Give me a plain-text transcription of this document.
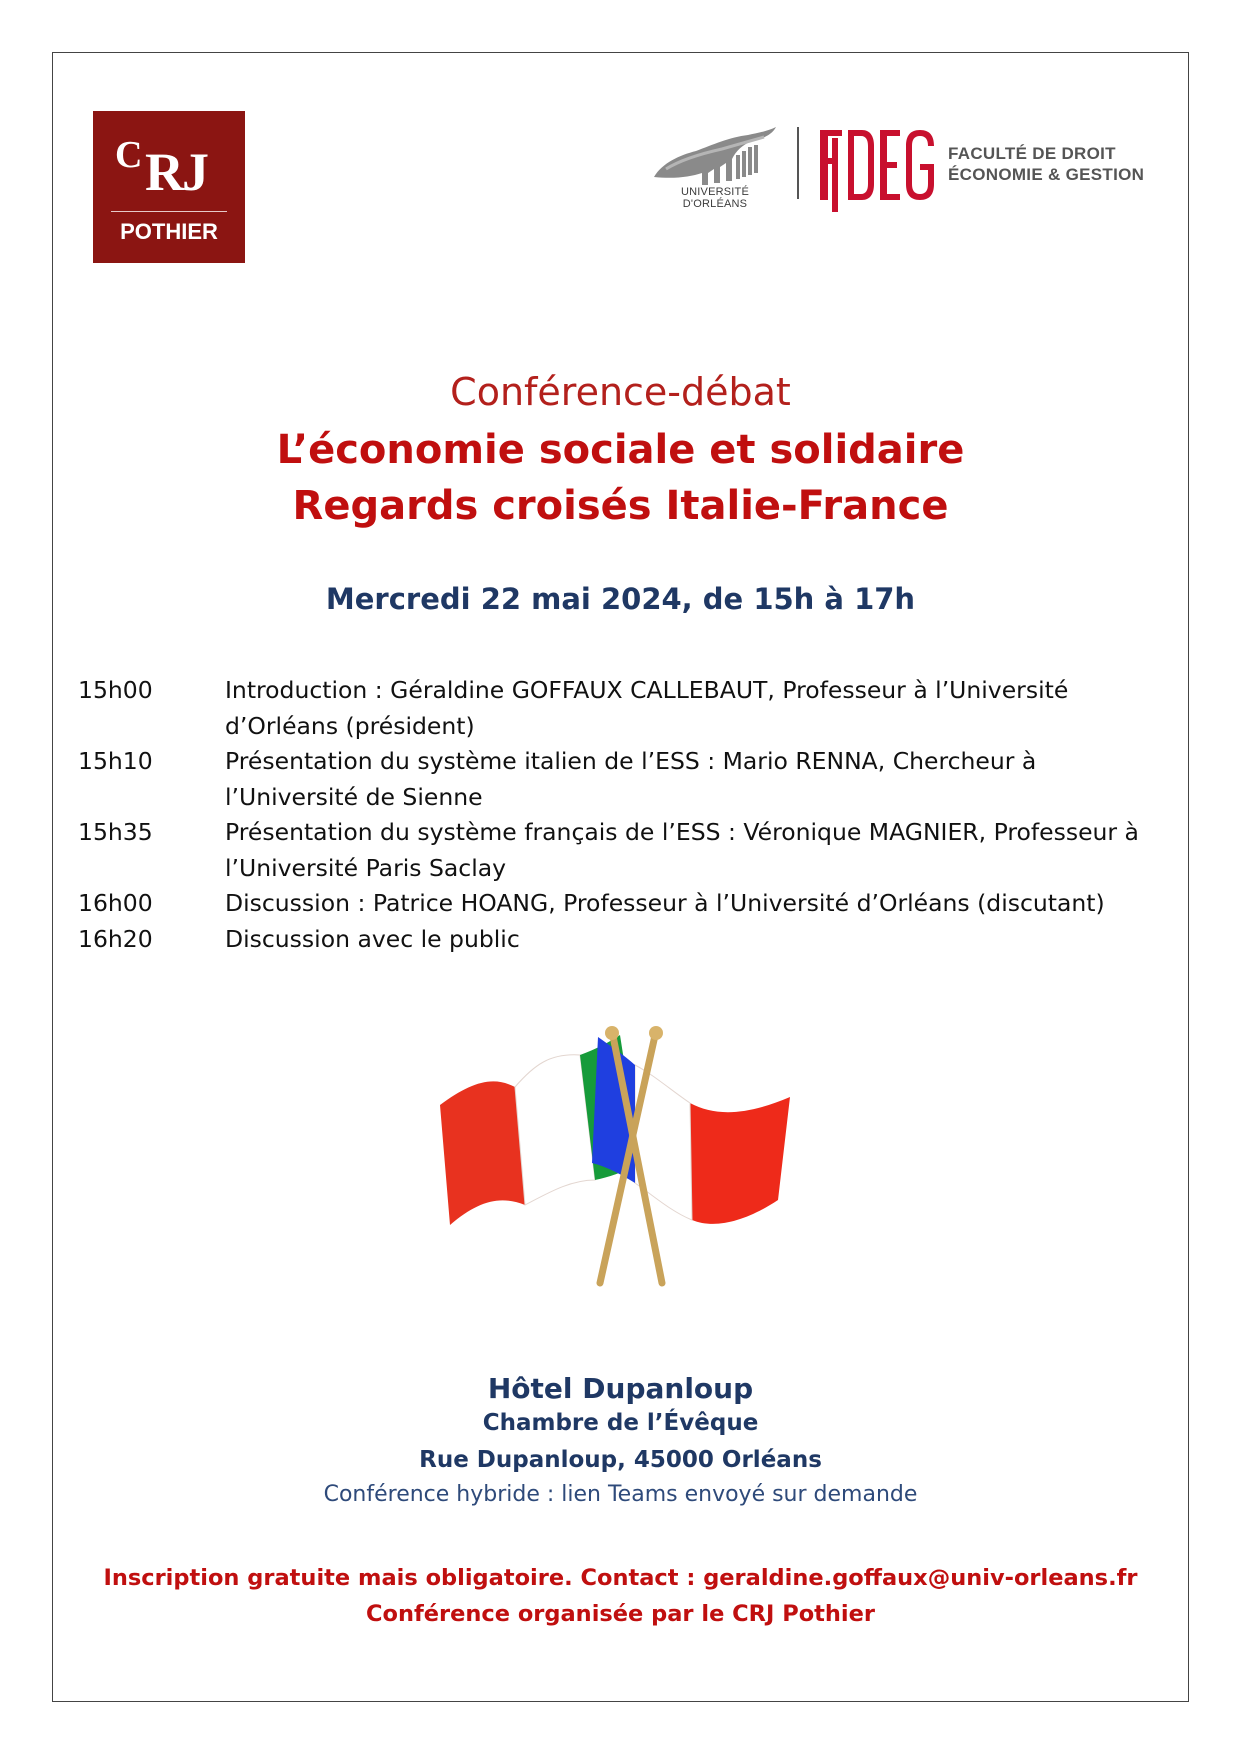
C RJ
POTHIER
UNIVERSITÉ D'ORLÉANS
FACULTÉ DE DROIT
ÉCONOMIE & GESTION
Conférence-débat
L’économie sociale et solidaire
Regards croisés Italie-France
Mercredi 22 mai 2024, de 15h à 17h
15h00	Introduction : Géraldine GOFFAUX CALLEBAUT, Professeur à l’Université d’Orléans (président)
15h10	Présentation du système italien de l’ESS : Mario RENNA, Chercheur à l’Université de Sienne
15h35	Présentation du système français de l’ESS : Véronique MAGNIER, Professeur à l’Université Paris Saclay
16h00	Discussion : Patrice HOANG, Professeur à l’Université d’Orléans (discutant)
16h20	Discussion avec le public
Hôtel Dupanloup
Chambre de l’Évêque
Rue Dupanloup, 45000 Orléans
Conférence hybride : lien Teams envoyé sur demande
Inscription gratuite mais obligatoire. Contact : geraldine.goffaux@univ-orleans.fr
Conférence organisée par le CRJ Pothier
